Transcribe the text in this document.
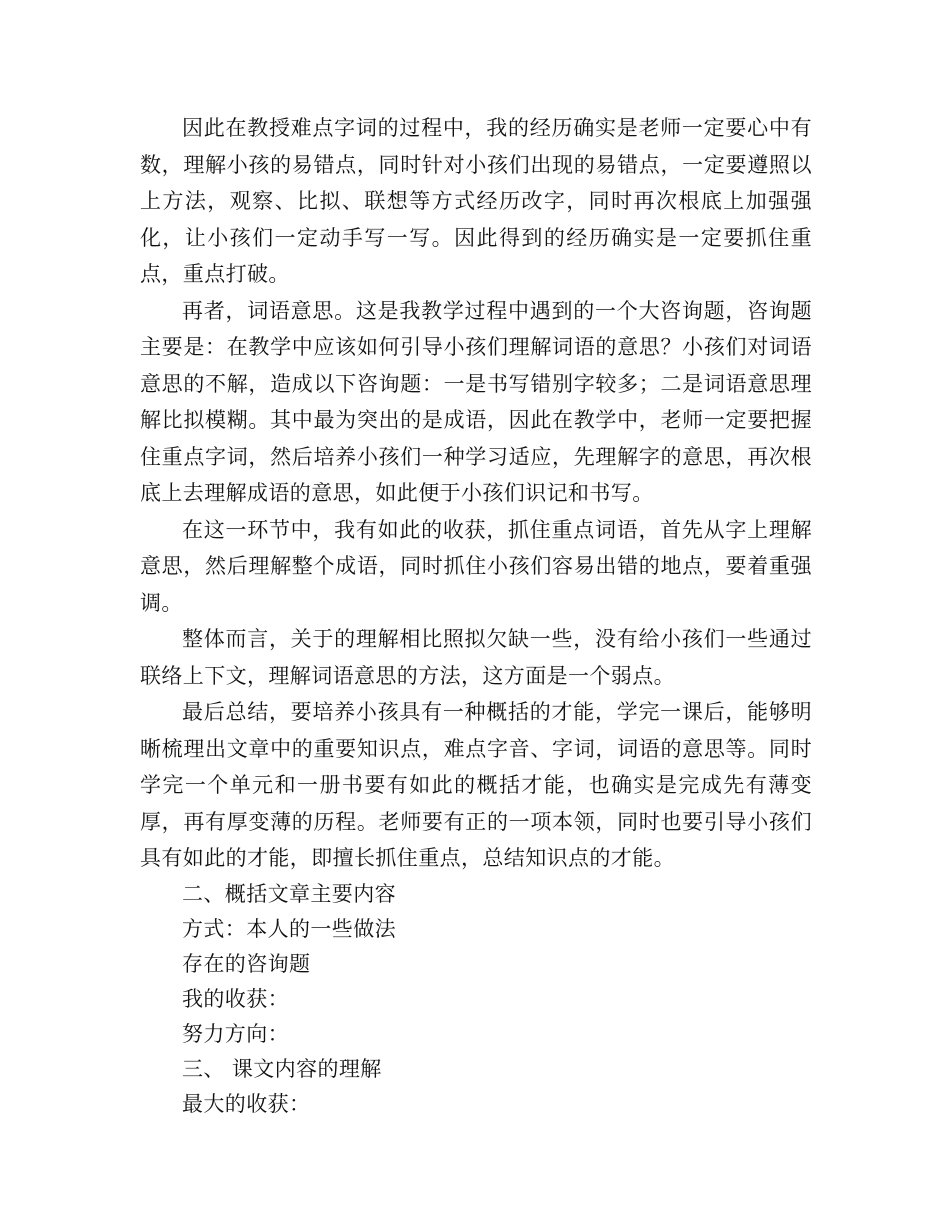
因此在教授难点字词的过程中，我的经历确实是老师一定要心中有数，理解小孩的易错点，同时针对小孩们出现的易错点，一定要遵照以上方法，观察、比拟、联想等方式经历改字，同时再次根底上加强强化，让小孩们一定动手写一写。因此得到的经历确实是一定要抓住重点，重点打破。

再者，词语意思。这是我教学过程中遇到的一个大咨询题，咨询题主要是：在教学中应该如何引导小孩们理解词语的意思？小孩们对词语意思的不解，造成以下咨询题：一是书写错别字较多；二是词语意思理解比拟模糊。其中最为突出的是成语，因此在教学中，老师一定要把握住重点字词，然后培养小孩们一种学习适应，先理解字的意思，再次根底上去理解成语的意思，如此便于小孩们识记和书写。

在这一环节中，我有如此的收获，抓住重点词语，首先从字上理解意思，然后理解整个成语，同时抓住小孩们容易出错的地点，要着重强调。

整体而言，关于的理解相比照拟欠缺一些，没有给小孩们一些通过联络上下文，理解词语意思的方法，这方面是一个弱点。

最后总结，要培养小孩具有一种概括的才能，学完一课后，能够明晰梳理出文章中的重要知识点，难点字音、字词，词语的意思等。同时学完一个单元和一册书要有如此的概括才能，也确实是完成先有薄变厚，再有厚变薄的历程。老师要有正的一项本领，同时也要引导小孩们具有如此的才能，即擅长抓住重点，总结知识点的才能。

二、概括文章主要内容

方式：本人的一些做法

存在的咨询题

我的收获：

努力方向：

三、 课文内容的理解

最大的收获：
